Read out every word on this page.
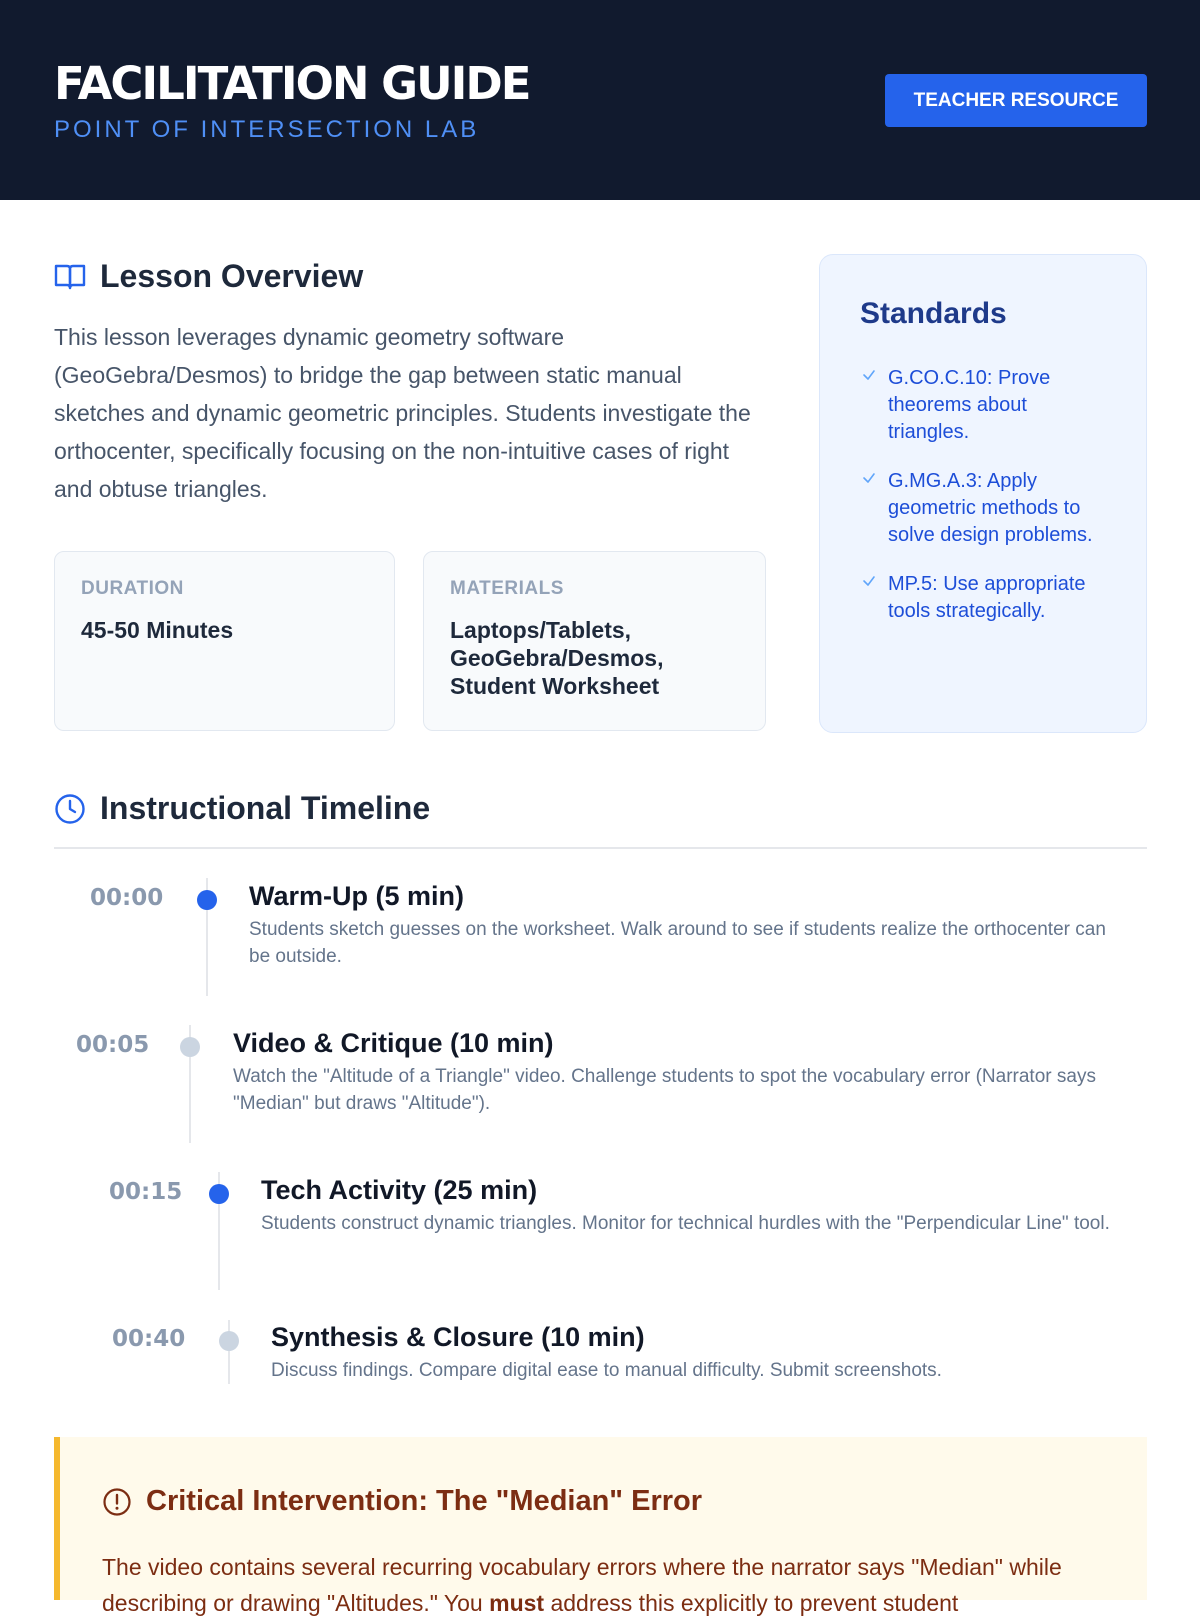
FACILITATION GUIDE
POINT OF INTERSECTION LAB
TEACHER RESOURCE
Lesson Overview
This lesson leverages dynamic geometry software (GeoGebra/Desmos) to bridge the gap between static manual sketches and dynamic geometric principles. Students investigate the orthocenter, specifically focusing on the non-intuitive cases of right and obtuse triangles.
DURATION
45-50 Minutes
MATERIALS
Laptops/Tablets, GeoGebra/Desmos, Student Worksheet
Standards
G.CO.C.10: Prove theorems about triangles.
G.MG.A.3: Apply geometric methods to solve design problems.
MP.5: Use appropriate tools strategically.
Instructional Timeline
00:00	Warm-Up (5 min)
Students sketch guesses on the worksheet. Walk around to see if students realize the orthocenter can be outside.
00:05	Video & Critique (10 min)
Watch the "Altitude of a Triangle" video. Challenge students to spot the vocabulary error (Narrator says "Median" but draws "Altitude").
00:15	Tech Activity (25 min)
Students construct dynamic triangles. Monitor for technical hurdles with the "Perpendicular Line" tool.
00:40	Synthesis & Closure (10 min)
Discuss findings. Compare digital ease to manual difficulty. Submit screenshots.
Critical Intervention: The "Median" Error
The video contains several recurring vocabulary errors where the narrator says "Median" while describing or drawing "Altitudes." You must address this explicitly to prevent student
